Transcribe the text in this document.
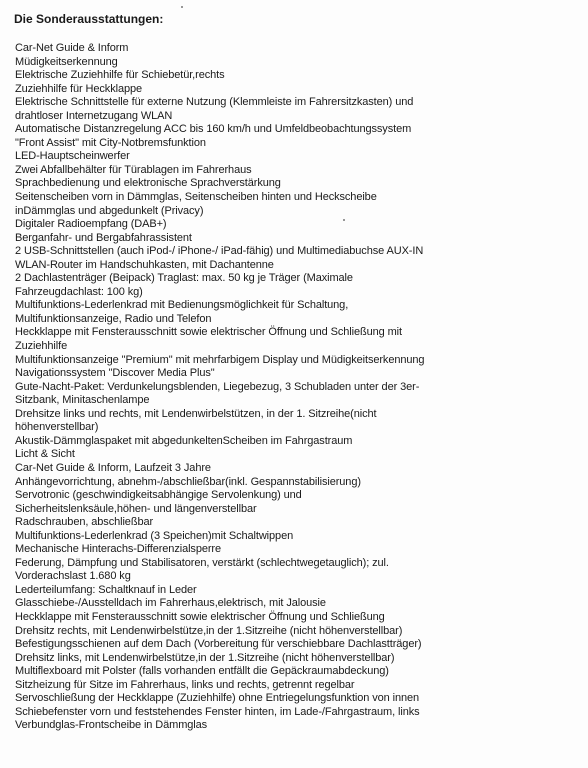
Die Sonderausstattungen:
Car-Net Guide & Inform
Müdigkeitserkennung
Elektrische Zuziehhilfe für Schiebetür,rechts
Zuziehhilfe für Heckklappe
Elektrische Schnittstelle für externe Nutzung (Klemmleiste im Fahrersitzkasten) und
drahtloser Internetzugang WLAN
Automatische Distanzregelung ACC bis 160 km/h und Umfeldbeobachtungssystem
"Front Assist" mit City-Notbremsfunktion
LED-Hauptscheinwerfer
Zwei Abfallbehälter für Türablagen im Fahrerhaus
Sprachbedienung und elektronische Sprachverstärkung
Seitenscheiben vorn in Dämmglas, Seitenscheiben hinten und Heckscheibe
inDämmglas und abgedunkelt (Privacy)
Digitaler Radioempfang (DAB+)
Berganfahr- und Bergabfahrassistent
2 USB-Schnittstellen (auch iPod-/ iPhone-/ iPad-fähig) und Multimediabuchse AUX-IN
WLAN-Router im Handschuhkasten, mit Dachantenne
2 Dachlastenträger (Beipack) Traglast: max. 50 kg je Träger (Maximale
Fahrzeugdachlast: 100 kg)
Multifunktions-Lederlenkrad mit Bedienungsmöglichkeit für Schaltung,
Multifunktionsanzeige, Radio und Telefon
Heckklappe mit Fensterausschnitt sowie elektrischer Öffnung und Schließung mit
Zuziehhilfe
Multifunktionsanzeige "Premium" mit mehrfarbigem Display und Müdigkeitserkennung
Navigationssystem "Discover Media Plus"
Gute-Nacht-Paket: Verdunkelungsblenden, Liegebezug, 3 Schubladen unter der 3er-
Sitzbank, Minitaschenlampe
Drehsitze links und rechts, mit Lendenwirbelstützen, in der 1. Sitzreihe(nicht
höhenverstellbar)
Akustik-Dämmglaspaket mit abgedunkeltenScheiben im Fahrgastraum
Licht & Sicht
Car-Net Guide & Inform, Laufzeit 3 Jahre
Anhängevorrichtung, abnehm-/abschließbar(inkl. Gespannstabilisierung)
Servotronic (geschwindigkeitsabhängige Servolenkung) und
Sicherheitslenksäule,höhen- und längenverstellbar
Radschrauben, abschließbar
Multifunktions-Lederlenkrad (3 Speichen)mit Schaltwippen
Mechanische Hinterachs-Differenzialsperre
Federung, Dämpfung und Stabilisatoren, verstärkt (schlechtwegetauglich); zul.
Vorderachslast 1.680 kg
Lederteilumfang: Schaltknauf in Leder
Glasschiebe-/Ausstelldach im Fahrerhaus,elektrisch, mit Jalousie
Heckklappe mit Fensterausschnitt sowie elektrischer Öffnung und Schließung
Drehsitz rechts, mit Lendenwirbelstütze,in der 1.Sitzreihe (nicht höhenverstellbar)
Befestigungsschienen auf dem Dach (Vorbereitung für verschiebbare Dachlastträger)
Drehsitz links, mit Lendenwirbelstütze,in der 1.Sitzreihe (nicht höhenverstellbar)
Multiflexboard mit Polster (falls vorhanden entfällt die Gepäckraumabdeckung)
Sitzheizung für Sitze im Fahrerhaus, links und rechts, getrennt regelbar
Servoschließung der Heckklappe (Zuziehhilfe) ohne Entriegelungsfunktion von innen
Schiebefenster vorn und feststehendes Fenster hinten, im Lade-/Fahrgastraum, links
Verbundglas-Frontscheibe in Dämmglas
